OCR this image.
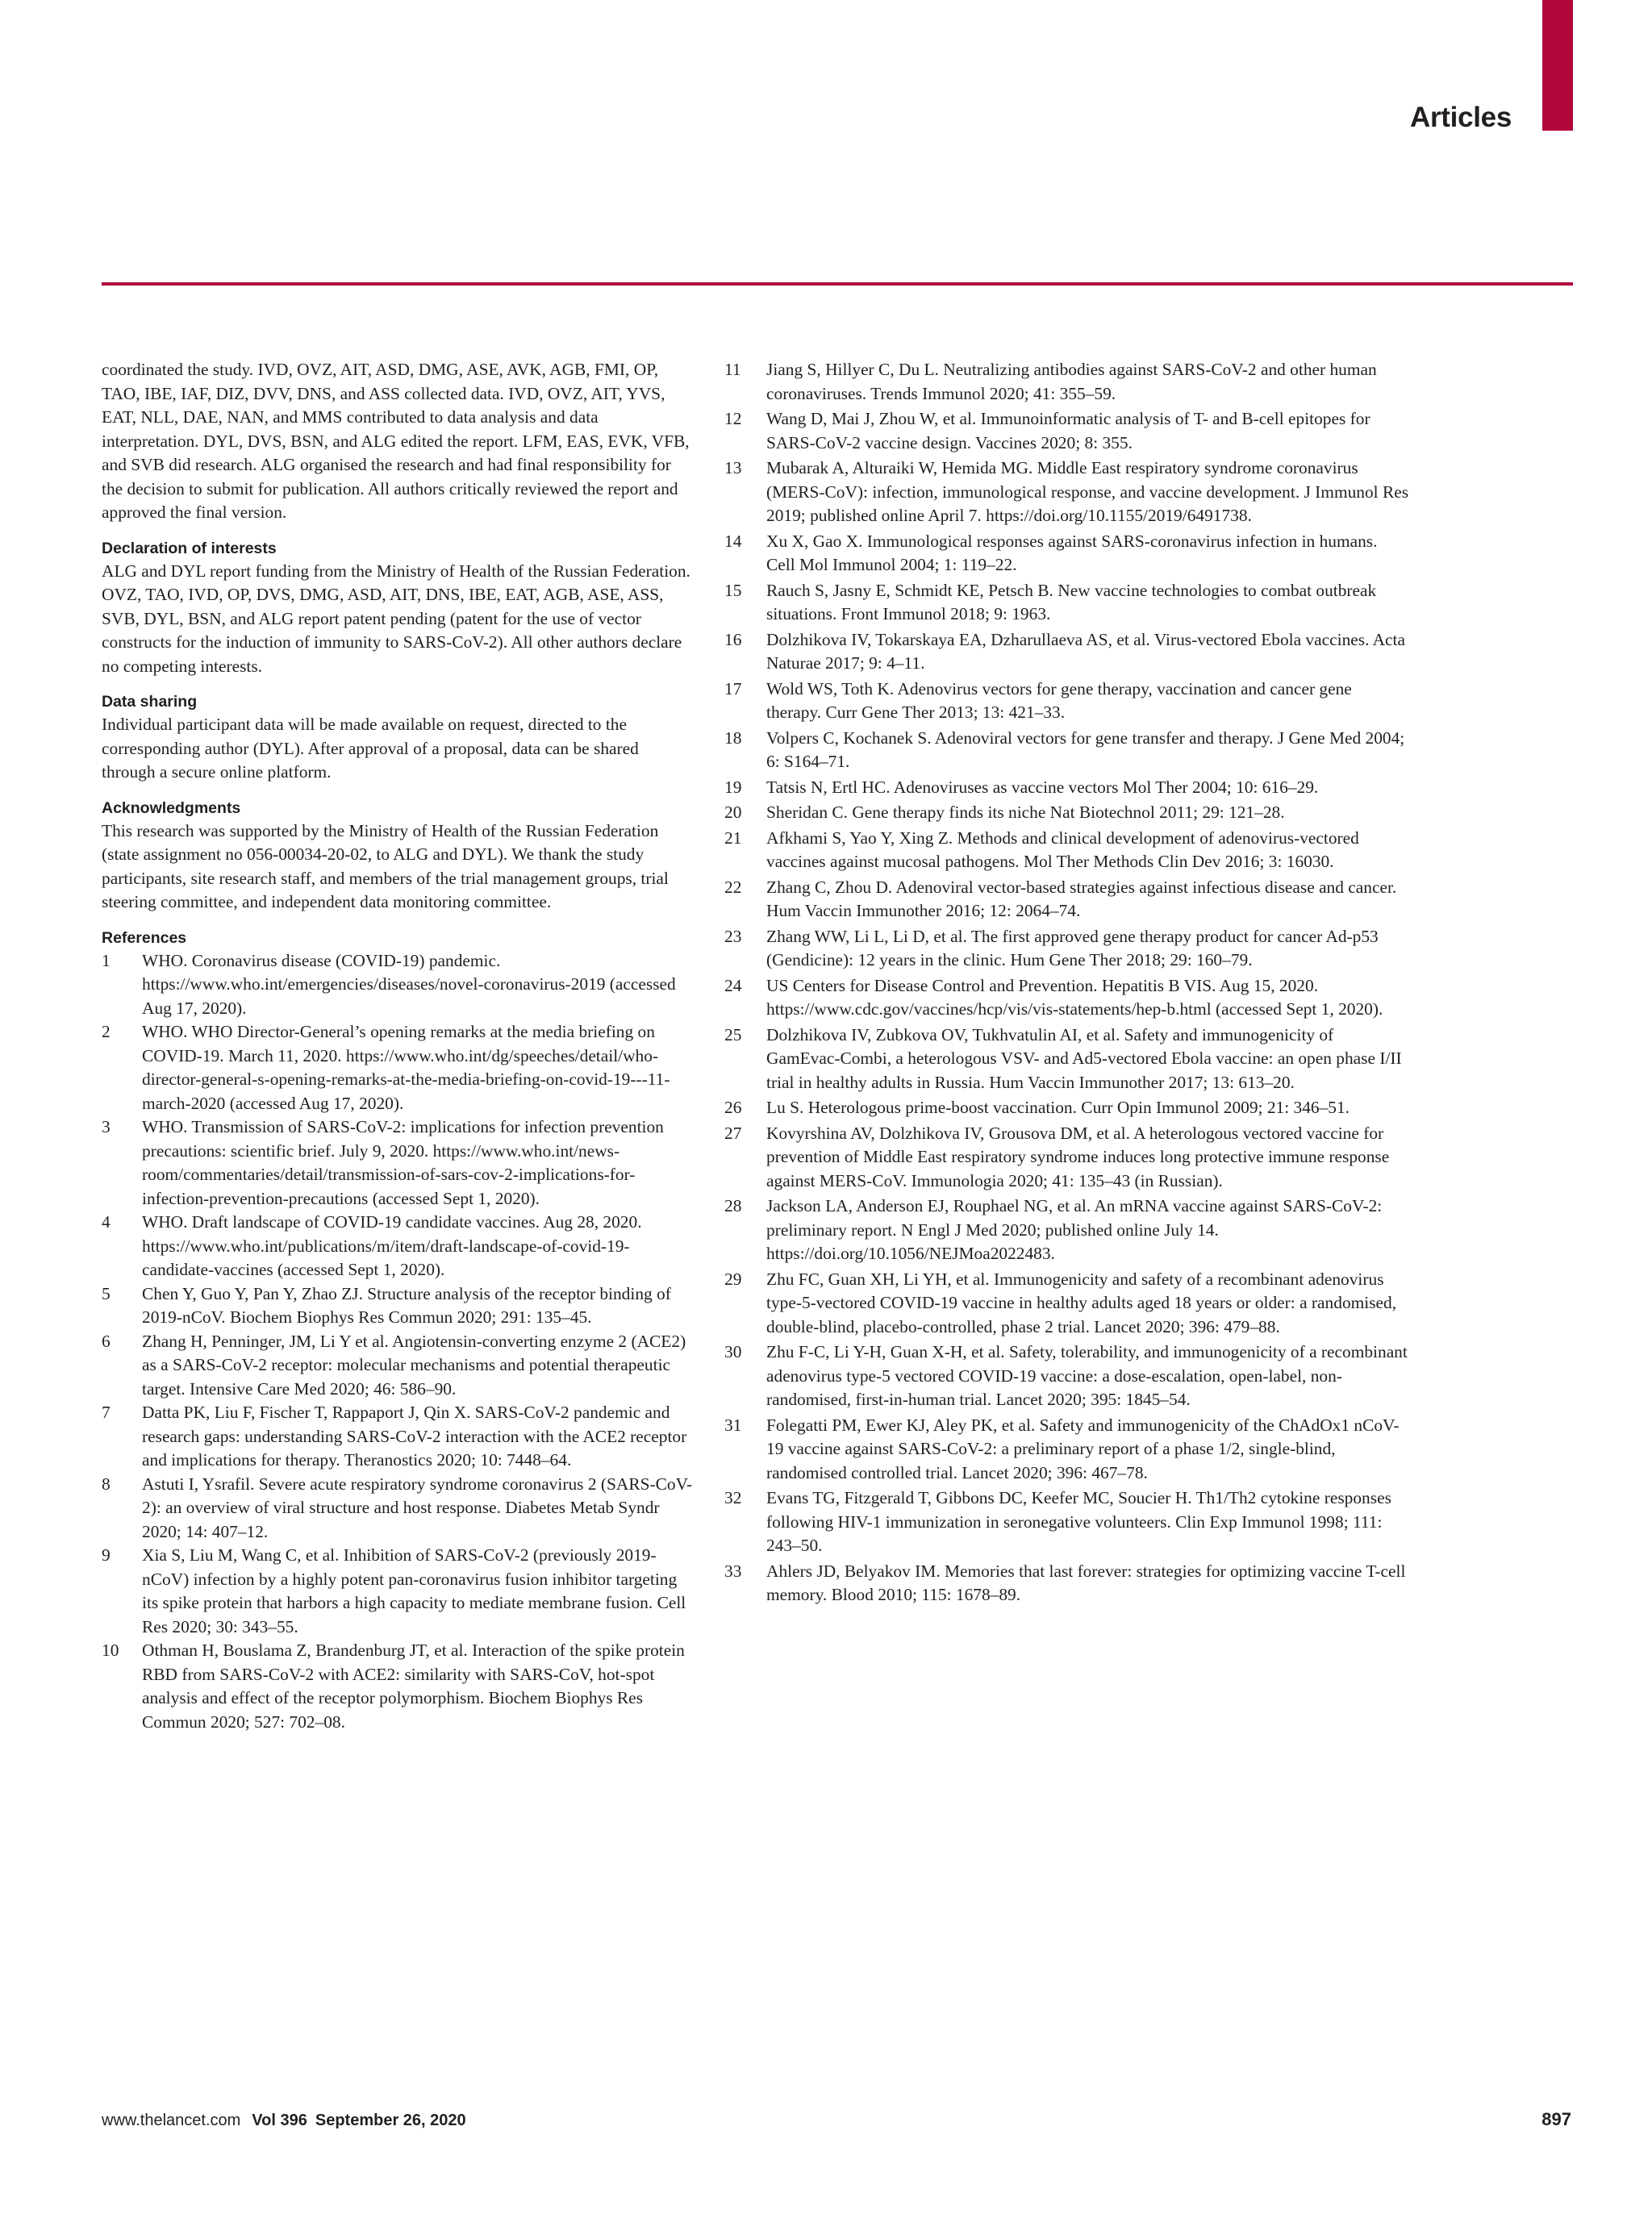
Articles

coordinated the study. IVD, OVZ, AIT, ASD, DMG, ASE, AVK, AGB, FMI, OP, TAO, IBE, IAF, DIZ, DVV, DNS, and ASS collected data. IVD, OVZ, AIT, YVS, EAT, NLL, DAE, NAN, and MMS contributed to data analysis and data interpretation. DYL, DVS, BSN, and ALG edited the report. LFM, EAS, EVK, VFB, and SVB did research. ALG organised the research and had final responsibility for the decision to submit for publication. All authors critically reviewed the report and approved the final version.

Declaration of interests

ALG and DYL report funding from the Ministry of Health of the Russian Federation. OVZ, TAO, IVD, OP, DVS, DMG, ASD, AIT, DNS, IBE, EAT, AGB, ASE, ASS, SVB, DYL, BSN, and ALG report patent pending (patent for the use of vector constructs for the induction of immunity to SARS-CoV-2). All other authors declare no competing interests.

Data sharing

Individual participant data will be made available on request, directed to the corresponding author (DYL). After approval of a proposal, data can be shared through a secure online platform.

Acknowledgments

This research was supported by the Ministry of Health of the Russian Federation (state assignment no 056-00034-20-02, to ALG and DYL). We thank the study participants, site research staff, and members of the trial management groups, trial steering committee, and independent data monitoring committee.

References
1	WHO. Coronavirus disease (COVID-19) pandemic. https://www.who.int/emergencies/diseases/novel-coronavirus-2019 (accessed Aug 17, 2020).
2	WHO. WHO Director-General’s opening remarks at the media briefing on COVID-19. March 11, 2020. https://www.who.int/dg/speeches/detail/who-director-general-s-opening-remarks-at-the-media-briefing-on-covid-19---11-march-2020 (accessed Aug 17, 2020).
3	WHO. Transmission of SARS-CoV-2: implications for infection prevention precautions: scientific brief. July 9, 2020. https://www.who.int/news-room/commentaries/detail/transmission-of-sars-cov-2-implications-for-infection-prevention-precautions (accessed Sept 1, 2020).
4	WHO. Draft landscape of COVID-19 candidate vaccines. Aug 28, 2020. https://www.who.int/publications/m/item/draft-landscape-of-covid-19-candidate-vaccines (accessed Sept 1, 2020).
5	Chen Y, Guo Y, Pan Y, Zhao ZJ. Structure analysis of the receptor binding of 2019-nCoV. Biochem Biophys Res Commun 2020; 291: 135–45.
6	Zhang H, Penninger, JM, Li Y et al. Angiotensin-converting enzyme 2 (ACE2) as a SARS-CoV-2 receptor: molecular mechanisms and potential therapeutic target. Intensive Care Med 2020; 46: 586–90.
7	Datta PK, Liu F, Fischer T, Rappaport J, Qin X. SARS-CoV-2 pandemic and research gaps: understanding SARS-CoV-2 interaction with the ACE2 receptor and implications for therapy. Theranostics 2020; 10: 7448–64.
8	Astuti I, Ysrafil. Severe acute respiratory syndrome coronavirus 2 (SARS-CoV-2): an overview of viral structure and host response. Diabetes Metab Syndr 2020; 14: 407–12.
9	Xia S, Liu M, Wang C, et al. Inhibition of SARS-CoV-2 (previously 2019-nCoV) infection by a highly potent pan-coronavirus fusion inhibitor targeting its spike protein that harbors a high capacity to mediate membrane fusion. Cell Res 2020; 30: 343–55.
10	Othman H, Bouslama Z, Brandenburg JT, et al. Interaction of the spike protein RBD from SARS-CoV-2 with ACE2: similarity with SARS-CoV, hot-spot analysis and effect of the receptor polymorphism. Biochem Biophys Res Commun 2020; 527: 702–08.
11	Jiang S, Hillyer C, Du L. Neutralizing antibodies against SARS-CoV-2 and other human coronaviruses. Trends Immunol 2020; 41: 355–59.
12	Wang D, Mai J, Zhou W, et al. Immunoinformatic analysis of T- and B-cell epitopes for SARS-CoV-2 vaccine design. Vaccines 2020; 8: 355.
13	Mubarak A, Alturaiki W, Hemida MG. Middle East respiratory syndrome coronavirus (MERS-CoV): infection, immunological response, and vaccine development. J Immunol Res 2019; published online April 7. https://doi.org/10.1155/2019/6491738.
14	Xu X, Gao X. Immunological responses against SARS-coronavirus infection in humans. Cell Mol Immunol 2004; 1: 119–22.
15	Rauch S, Jasny E, Schmidt KE, Petsch B. New vaccine technologies to combat outbreak situations. Front Immunol 2018; 9: 1963.
16	Dolzhikova IV, Tokarskaya EA, Dzharullaeva AS, et al. Virus-vectored Ebola vaccines. Acta Naturae 2017; 9: 4–11.
17	Wold WS, Toth K. Adenovirus vectors for gene therapy, vaccination and cancer gene therapy. Curr Gene Ther 2013; 13: 421–33.
18	Volpers C, Kochanek S. Adenoviral vectors for gene transfer and therapy. J Gene Med 2004; 6: S164–71.
19	Tatsis N, Ertl HC. Adenoviruses as vaccine vectors Mol Ther 2004; 10: 616–29.
20	Sheridan C. Gene therapy finds its niche Nat Biotechnol 2011; 29: 121–28.
21	Afkhami S, Yao Y, Xing Z. Methods and clinical development of adenovirus-vectored vaccines against mucosal pathogens. Mol Ther Methods Clin Dev 2016; 3: 16030.
22	Zhang C, Zhou D. Adenoviral vector-based strategies against infectious disease and cancer. Hum Vaccin Immunother 2016; 12: 2064–74.
23	Zhang WW, Li L, Li D, et al. The first approved gene therapy product for cancer Ad-p53 (Gendicine): 12 years in the clinic. Hum Gene Ther 2018; 29: 160–79.
24	US Centers for Disease Control and Prevention. Hepatitis B VIS. Aug 15, 2020. https://www.cdc.gov/vaccines/hcp/vis/vis-statements/hep-b.html (accessed Sept 1, 2020).
25	Dolzhikova IV, Zubkova OV, Tukhvatulin AI, et al. Safety and immunogenicity of GamEvac-Combi, a heterologous VSV- and Ad5-vectored Ebola vaccine: an open phase I/II trial in healthy adults in Russia. Hum Vaccin Immunother 2017; 13: 613–20.
26	Lu S. Heterologous prime-boost vaccination. Curr Opin Immunol 2009; 21: 346–51.
27	Kovyrshina AV, Dolzhikova IV, Grousova DM, et al. A heterologous vectored vaccine for prevention of Middle East respiratory syndrome induces long protective immune response against MERS-CoV. Immunologia 2020; 41: 135–43 (in Russian).
28	Jackson LA, Anderson EJ, Rouphael NG, et al. An mRNA vaccine against SARS-CoV-2: preliminary report. N Engl J Med 2020; published online July 14. https://doi.org/10.1056/NEJMoa2022483.
29	Zhu FC, Guan XH, Li YH, et al. Immunogenicity and safety of a recombinant adenovirus type-5-vectored COVID-19 vaccine in healthy adults aged 18 years or older: a randomised, double-blind, placebo-controlled, phase 2 trial. Lancet 2020; 396: 479–88.
30	Zhu F-C, Li Y-H, Guan X-H, et al. Safety, tolerability, and immunogenicity of a recombinant adenovirus type-5 vectored COVID-19 vaccine: a dose-escalation, open-label, non-randomised, first-in-human trial. Lancet 2020; 395: 1845–54.
31	Folegatti PM, Ewer KJ, Aley PK, et al. Safety and immunogenicity of the ChAdOx1 nCoV-19 vaccine against SARS-CoV-2: a preliminary report of a phase 1/2, single-blind, randomised controlled trial. Lancet 2020; 396: 467–78.
32	Evans TG, Fitzgerald T, Gibbons DC, Keefer MC, Soucier H. Th1/Th2 cytokine responses following HIV-1 immunization in seronegative volunteers. Clin Exp Immunol 1998; 111: 243–50.
33	Ahlers JD, Belyakov IM. Memories that last forever: strategies for optimizing vaccine T-cell memory. Blood 2010; 115: 1678–89.
www.thelancet.com Vol 396 September 26, 2020	897
